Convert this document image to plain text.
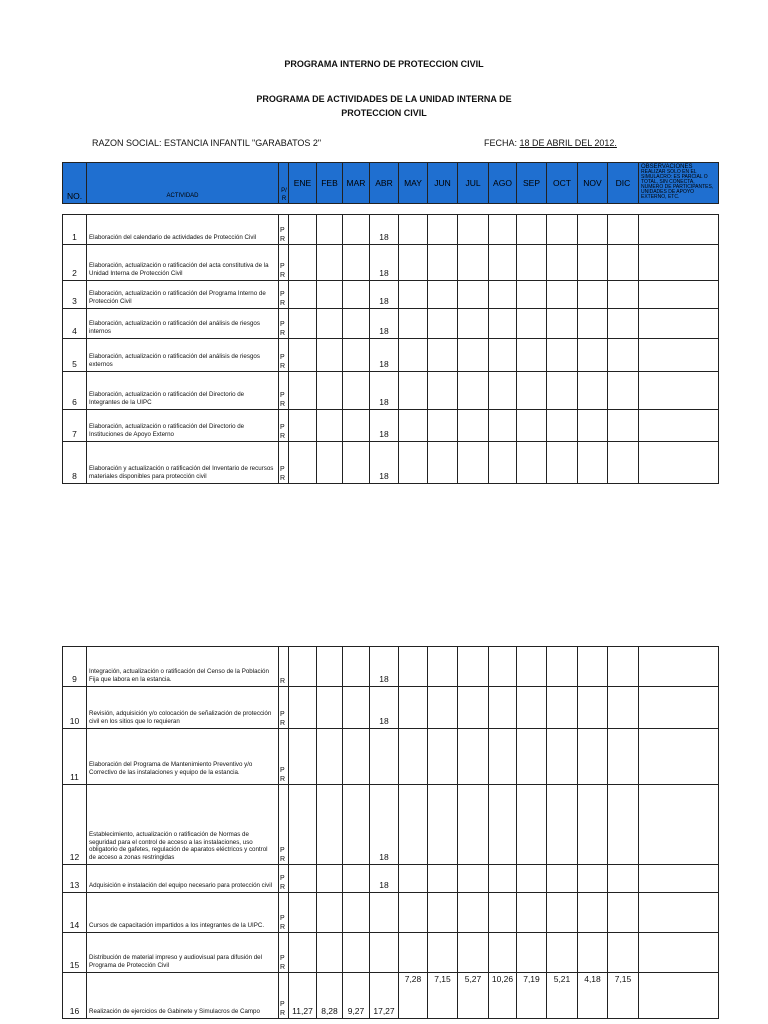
PROGRAMA INTERNO DE PROTECCION CIVIL
PROGRAMA DE ACTIVIDADES DE LA UNIDAD INTERNA DE
PROTECCION CIVIL
RAZON SOCIAL: ESTANCIA INFANTIL "GARABATOS 2"	FECHA: 18 DE ABRIL DEL 2012.
NO.	ACTIVIDAD	P/
R	ENE	FEB	MAR	ABR	MAY	JUN	JUL	AGO	SEP	OCT	NOV	DIC	OBSERVACIONES REALIZAR SOLO EN EL SIMULACRO: ES PARCIAL O TOTAL, SIN CONECTA, NUMERO DE PARTICIPANTES, UNIDADES DE APOYO EXTERNO, ETC.

1	Elaboración del calendario de actividades de Protección Civil	P
R				18									
2	Elaboración, actualización o ratificación del acta constitutiva de la Unidad Interna de Protección Civil	P
R				18									
3	Elaboración, actualización o ratificación del Programa Interno de Protección Civil	P
R				18									
4	Elaboración, actualización o ratificación del análisis de riesgos internos	P
R				18									
5	Elaboración, actualización o ratificación del análisis de riesgos externos	P
R				18									
6	Elaboración, actualización o ratificación del Directorio de Integrantes de la UIPC	P
R				18									
7	Elaboración, actualización o ratificación del Directorio de Instituciones de Apoyo Externo	P
R				18									
8	Elaboración y actualización o ratificación del Inventario de recursos materiales disponibles para protección civil	P
R				18									
9	Integración, actualización o ratificación del Censo de la Población Fija que labora en la estancia.	R				18									
10	Revisión, adquisición y/o colocación de señalización de protección civil en los sitios que lo requieran	P
R				18									
11	Elaboración del Programa de Mantenimiento Preventivo y/o Correctivo de las instalaciones y equipo de la estancia.	P
R													
12	Establecimiento, actualización o ratificación de Normas de seguridad para el control de acceso a las instalaciones, uso obligatorio de gafetes, regulación de aparatos eléctricos y control de acceso a zonas restringidas	P
R				18									
13	Adquisición e instalación del equipo necesario para protección civil	P
R				18									
14	Cursos de capacitación impartidos a los integrantes de la UIPC.	P
R													
15	Distribución de material impreso y audiovisual para difusión del Programa de Protección Civil	P
R													
16	Realización de ejercicios de Gabinete y Simulacros de Campo	P
R	11,27	8,28	9,27	17,27	7,28	7,15	5,27	10,26	7,19	5,21	4,18	7,15	
